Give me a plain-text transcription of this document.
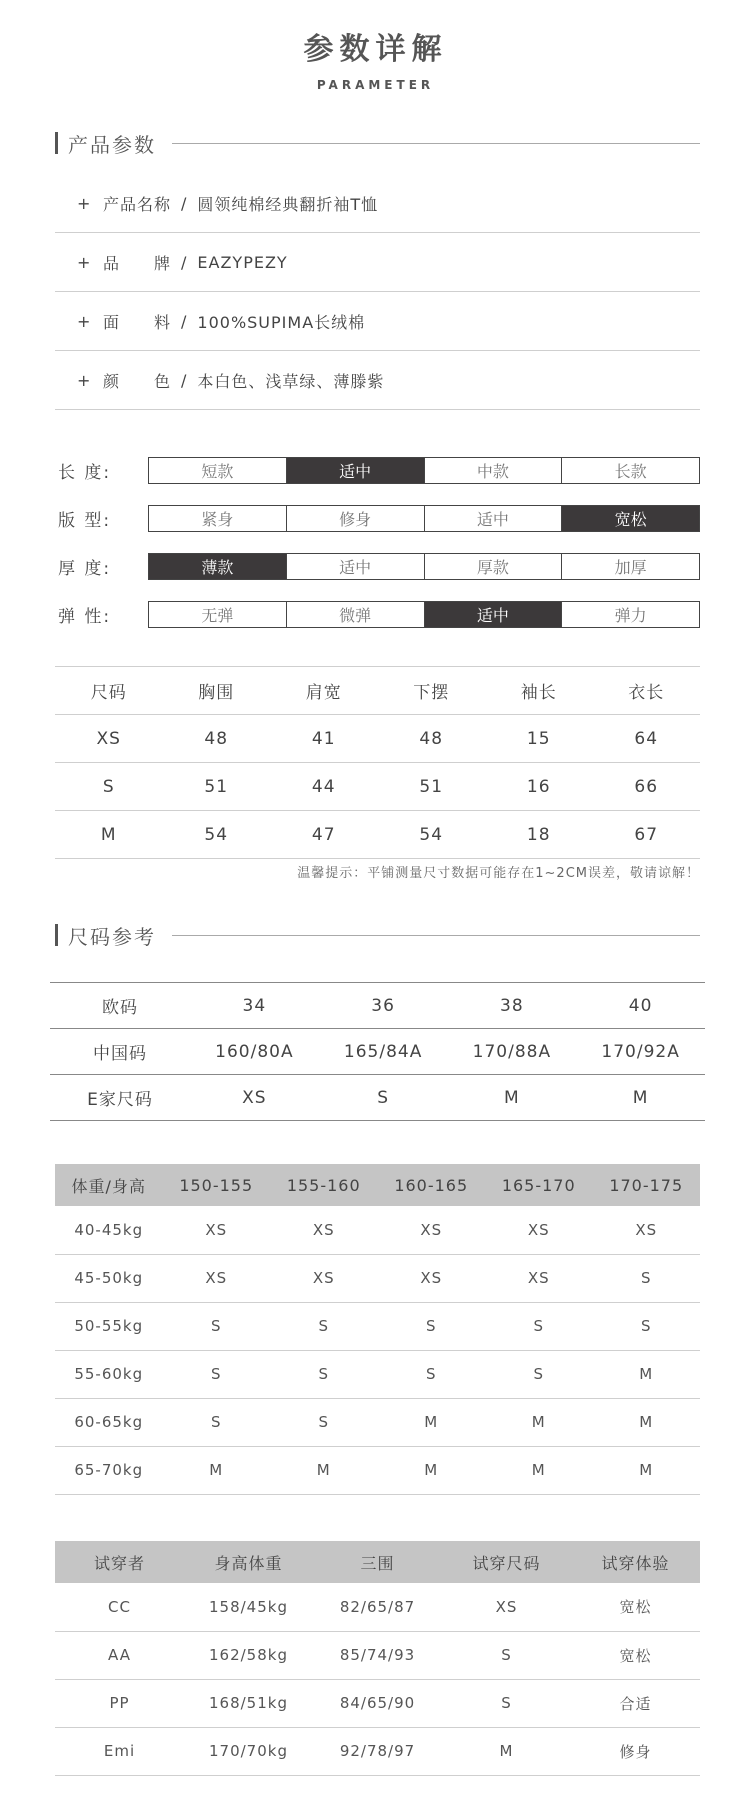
参数详解
PARAMETER
产品参数
+ 产品名称 / 圆领纯棉经典翻折袖T恤
+ 品　　牌 / EAZYPEZY
+ 面　　料 / 100%SUPIMA长绒棉
+ 颜　　色 / 本白色、浅草绿、薄滕紫
长 度:	短款	适中	中款	长款
版 型:	紧身	修身	适中	宽松
厚 度:	薄款	适中	厚款	加厚
弹 性:	无弹	微弹	适中	弹力
尺码	胸围	肩宽	下摆	袖长	衣长
XS	48	41	48	15	64
S	51	44	51	16	66
M	54	47	54	18	67
温馨提示：平铺测量尺寸数据可能存在1~2CM误差，敬请谅解！
尺码参考
欧码	34	36	38	40
中国码	160/80A	165/84A	170/88A	170/92A
E家尺码	XS	S	M	M
体重/身高	150-155	155-160	160-165	165-170	170-175
40-45kg	XS	XS	XS	XS	XS
45-50kg	XS	XS	XS	XS	S
50-55kg	S	S	S	S	S
55-60kg	S	S	S	S	M
60-65kg	S	S	M	M	M
65-70kg	M	M	M	M	M
试穿者	身高体重	三围	试穿尺码	试穿体验
CC	158/45kg	82/65/87	XS	宽松
AA	162/58kg	85/74/93	S	宽松
PP	168/51kg	84/65/90	S	合适
Emi	170/70kg	92/78/97	M	修身
